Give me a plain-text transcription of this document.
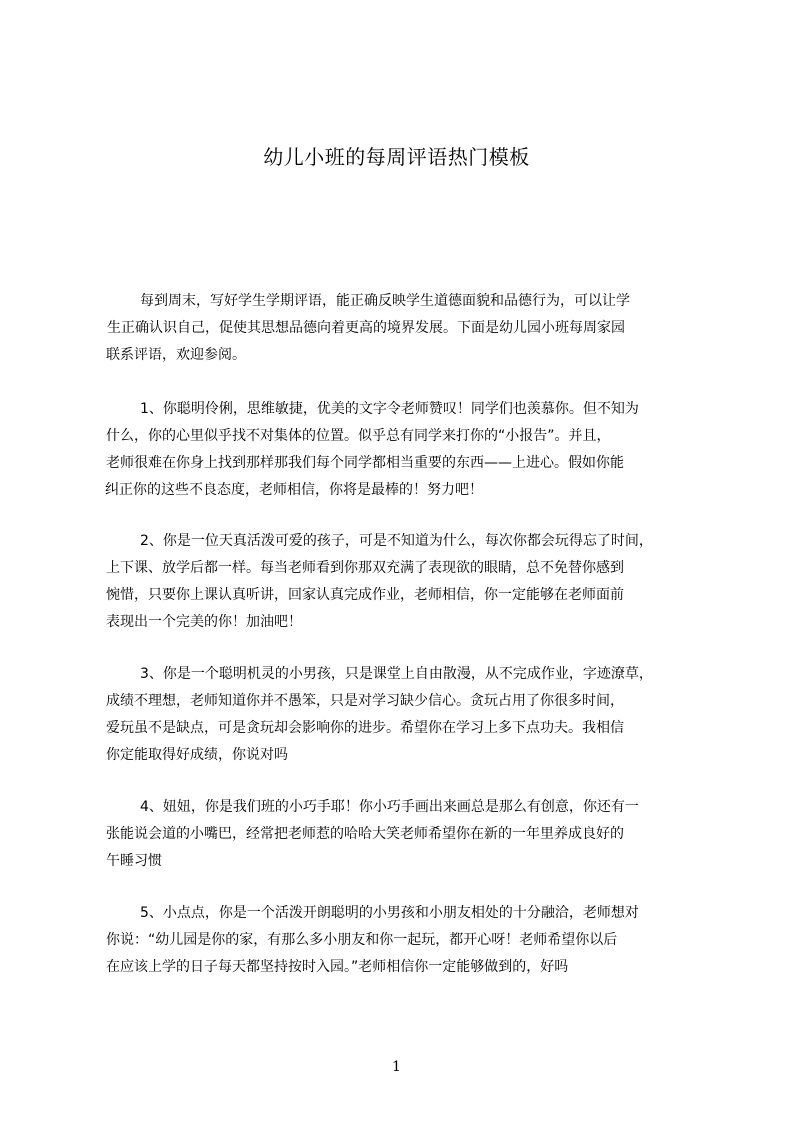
幼儿小班的每周评语热门模板
每到周末，写好学生学期评语，能正确反映学生道德面貌和品德行为，可以让学
生正确认识自己，促使其思想品德向着更高的境界发展。下面是幼儿园小班每周家园
联系评语，欢迎参阅。
1、你聪明伶俐，思维敏捷，优美的文字令老师赞叹！同学们也羡慕你。但不知为
什么，你的心里似乎找不对集体的位置。似乎总有同学来打你的“小报告”。并且，
老师很难在你身上找到那样那我们每个同学都相当重要的东西——上进心。假如你能
纠正你的这些不良态度，老师相信，你将是最棒的！努力吧！
2、你是一位天真活泼可爱的孩子，可是不知道为什么，每次你都会玩得忘了时间，
上下课、放学后都一样。每当老师看到你那双充满了表现欲的眼睛，总不免替你感到
惋惜，只要你上课认真听讲，回家认真完成作业，老师相信，你一定能够在老师面前
表现出一个完美的你！加油吧！
3、你是一个聪明机灵的小男孩，只是课堂上自由散漫，从不完成作业，字迹潦草，
成绩不理想，老师知道你并不愚笨，只是对学习缺少信心。贪玩占用了你很多时间，
爱玩虽不是缺点，可是贪玩却会影响你的进步。希望你在学习上多下点功夫。我相信
你定能取得好成绩，你说对吗
4、妞妞，你是我们班的小巧手耶！你小巧手画出来画总是那么有创意，你还有一
张能说会道的小嘴巴，经常把老师惹的哈哈大笑老师希望你在新的一年里养成良好的
午睡习惯
5、小点点，你是一个活泼开朗聪明的小男孩和小朋友相处的十分融洽，老师想对
你说：“幼儿园是你的家，有那么多小朋友和你一起玩，都开心呀！老师希望你以后
在应该上学的日子每天都坚持按时入园。”老师相信你一定能够做到的，好吗
1
